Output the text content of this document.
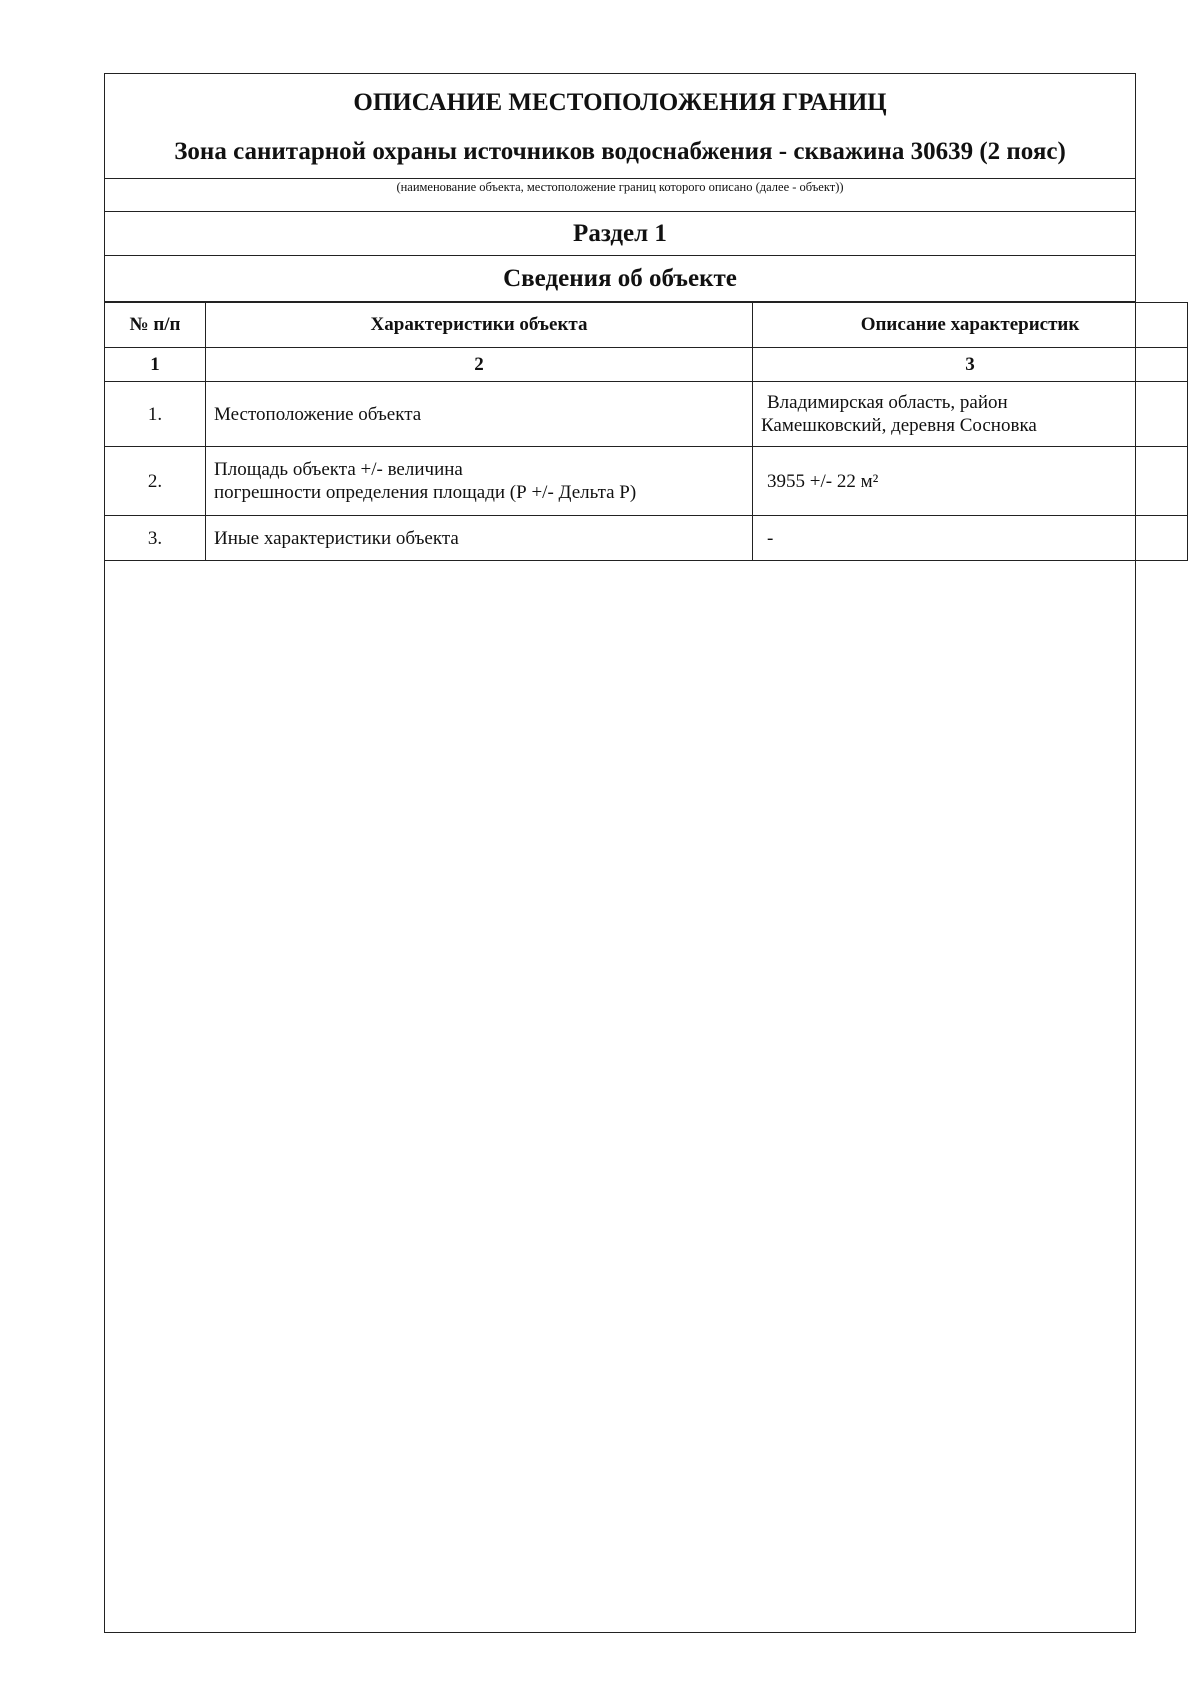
ОПИСАНИЕ МЕСТОПОЛОЖЕНИЯ ГРАНИЦ
Зона санитарной охраны источников водоснабжения - скважина 30639 (2 пояс)
(наименование объекта, местоположение границ которого описано (далее - объект))
Раздел 1
Сведения об объекте
№ п/п	Характеристики объекта	Описание характеристик
1	2	3
1.	Местоположение объекта	Владимирская область, район
Камешковский, деревня Сосновка

2.	Площадь объекта +/- величина
погрешности определения площади (Р +/- Дельта Р)	3955 +/- 22 м²

3.	Иные характеристики объекта	-
